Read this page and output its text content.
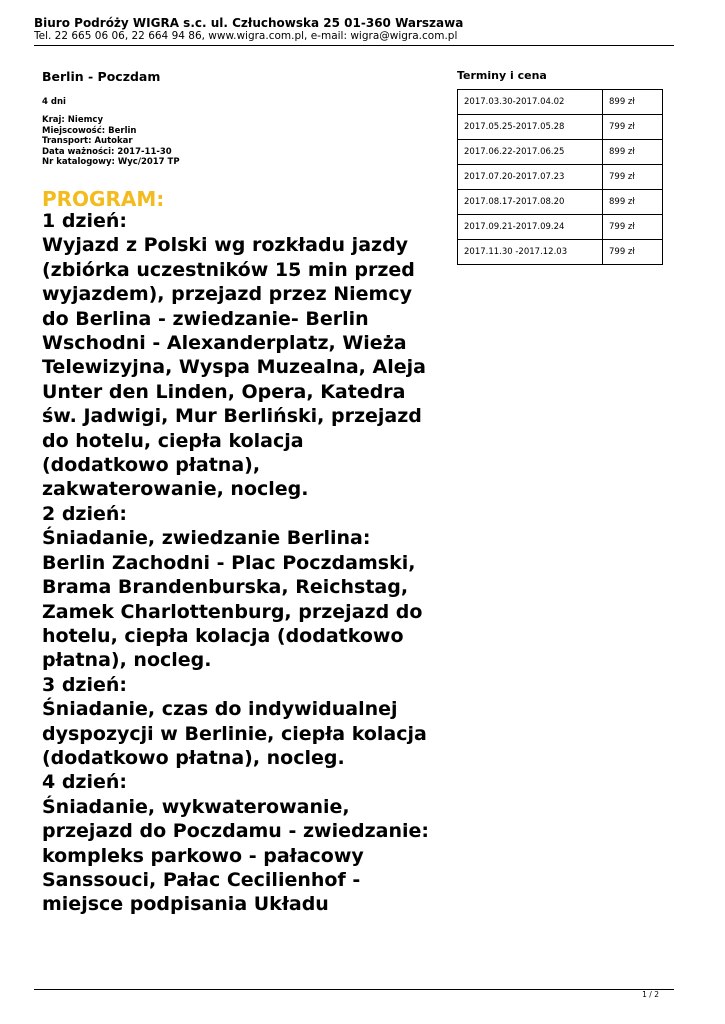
Biuro Podróży WIGRA s.c. ul. Człuchowska 25 01-360 Warszawa
Tel. 22 665 06 06, 22 664 94 86, www.wigra.com.pl, e-mail: wigra@wigra.com.pl
Berlin - Poczdam
4 dni
Kraj: Niemcy
Miejscowość: Berlin
Transport: Autokar
Data ważności: 2017-11-30
Nr katalogowy: Wyc/2017 TP
PROGRAM:

1 dzień:

Wyjazd z Polski wg rozkładu jazdy

(zbiórka uczestników 15 min przed

wyjazdem), przejazd przez Niemcy

do Berlina - zwiedzanie- Berlin

Wschodni - Alexanderplatz, Wieża

Telewizyjna, Wyspa Muzealna, Aleja

Unter den Linden, Opera, Katedra

św. Jadwigi, Mur Berliński, przejazd

do hotelu, ciepła kolacja

(dodatkowo płatna),

zakwaterowanie, nocleg.

2 dzień:

Śniadanie, zwiedzanie Berlina:

Berlin Zachodni - Plac Poczdamski,

Brama Brandenburska, Reichstag,

Zamek Charlottenburg, przejazd do

hotelu, ciepła kolacja (dodatkowo

płatna), nocleg.

3 dzień:

Śniadanie, czas do indywidualnej

dyspozycji w Berlinie, ciepła kolacja

(dodatkowo płatna), nocleg.

4 dzień:

Śniadanie, wykwaterowanie,

przejazd do Poczdamu - zwiedzanie:

kompleks parkowo - pałacowy

Sanssouci, Pałac Cecilienhof -

miejsce podpisania Układu

Terminy i cena
2017.03.30-2017.04.02	899 zł
2017.05.25-2017.05.28	799 zł
2017.06.22-2017.06.25	899 zł
2017.07.20-2017.07.23	799 zł
2017.08.17-2017.08.20	899 zł
2017.09.21-2017.09.24	799 zł
2017.11.30 -2017.12.03	799 zł
1 / 2
